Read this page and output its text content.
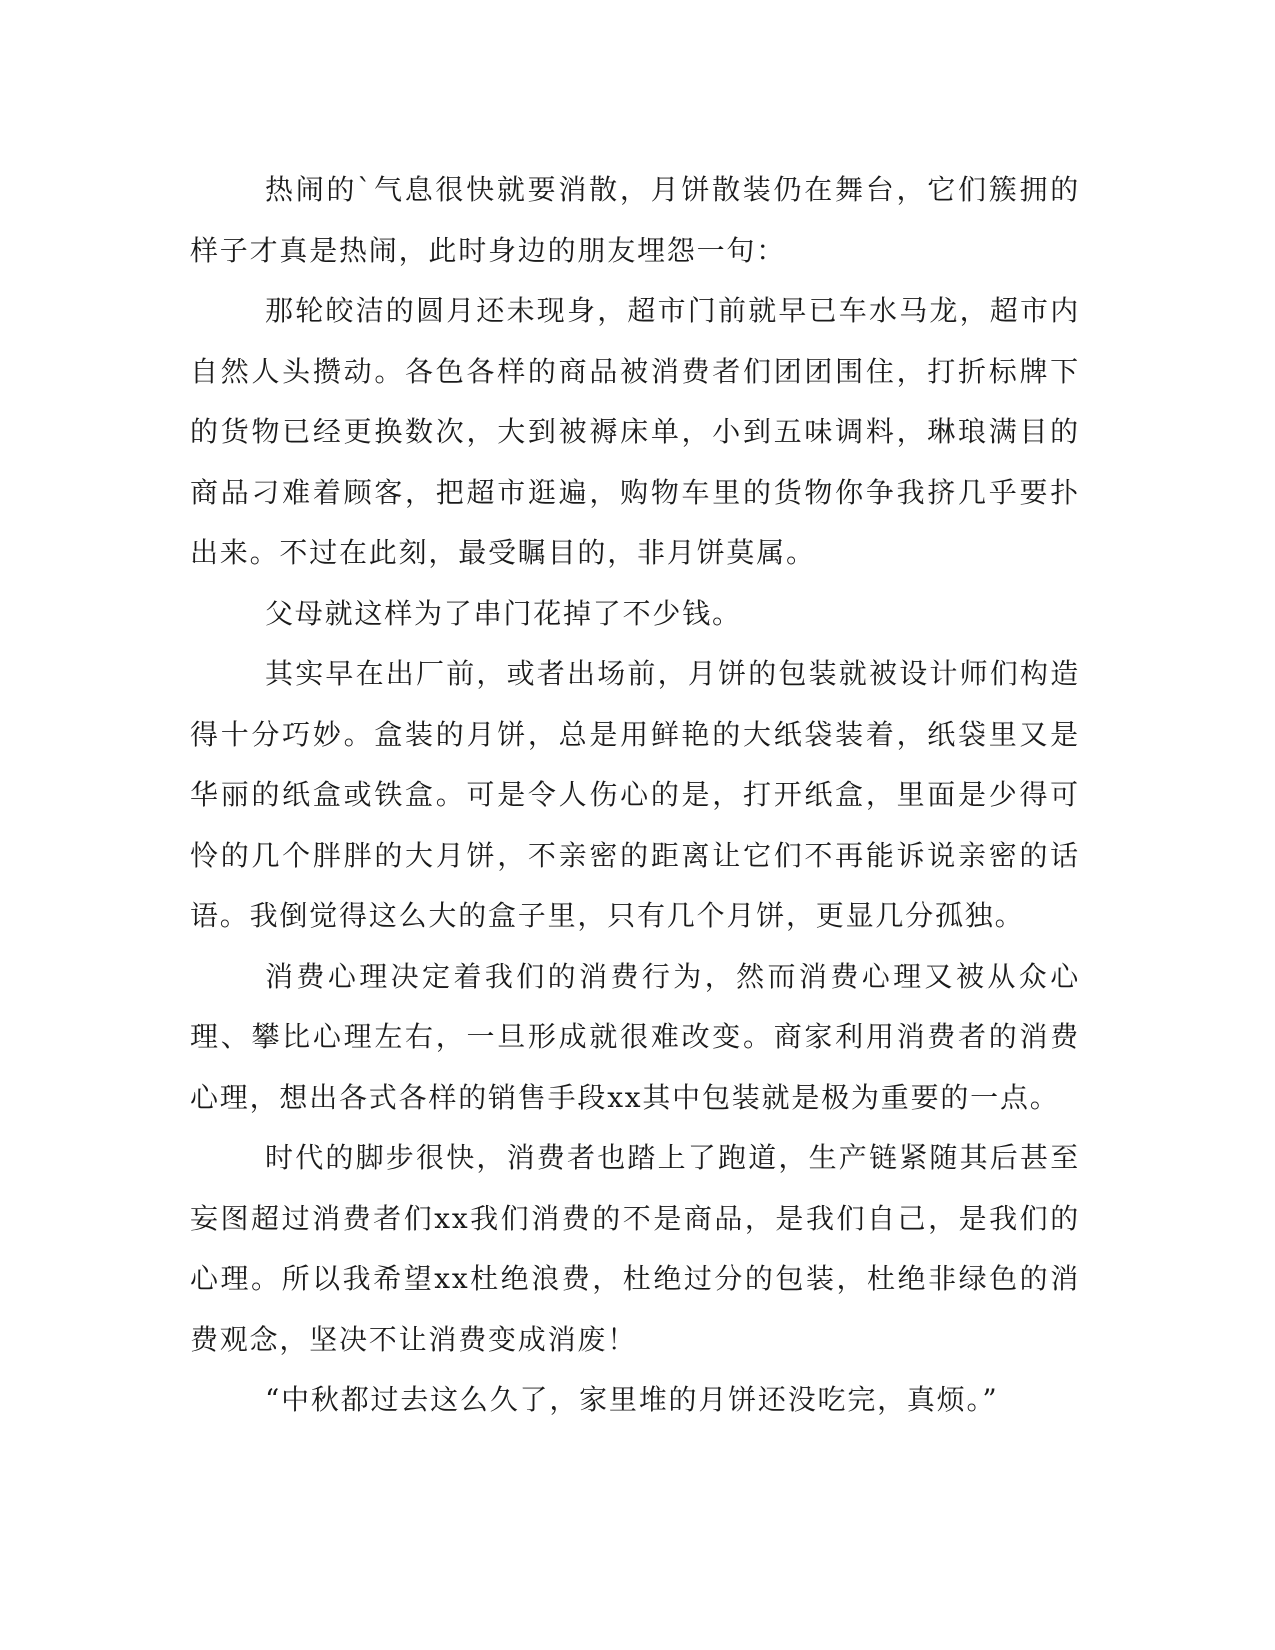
热闹的`气息很快就要消散，月饼散装仍在舞台，它们簇拥的样子才真是热闹，此时身边的朋友埋怨一句：

那轮皎洁的圆月还未现身，超市门前就早已车水马龙，超市内自然人头攒动。各色各样的商品被消费者们团团围住，打折标牌下的货物已经更换数次，大到被褥床单，小到五味调料，琳琅满目的商品刁难着顾客，把超市逛遍，购物车里的货物你争我挤几乎要扑出来。不过在此刻，最受瞩目的，非月饼莫属。

父母就这样为了串门花掉了不少钱。

其实早在出厂前，或者出场前，月饼的包装就被设计师们构造得十分巧妙。盒装的月饼，总是用鲜艳的大纸袋装着，纸袋里又是华丽的纸盒或铁盒。可是令人伤心的是，打开纸盒，里面是少得可怜的几个胖胖的大月饼，不亲密的距离让它们不再能诉说亲密的话语。我倒觉得这么大的盒子里，只有几个月饼，更显几分孤独。

消费心理决定着我们的消费行为，然而消费心理又被从众心理、攀比心理左右，一旦形成就很难改变。商家利用消费者的消费心理，想出各式各样的销售手段xx其中包装就是极为重要的一点。

时代的脚步很快，消费者也踏上了跑道，生产链紧随其后甚至妄图超过消费者们xx我们消费的不是商品，是我们自己，是我们的心理。所以我希望xx杜绝浪费，杜绝过分的包装，杜绝非绿色的消费观念，坚决不让消费变成消废！

“中秋都过去这么久了，家里堆的月饼还没吃完，真烦。”
